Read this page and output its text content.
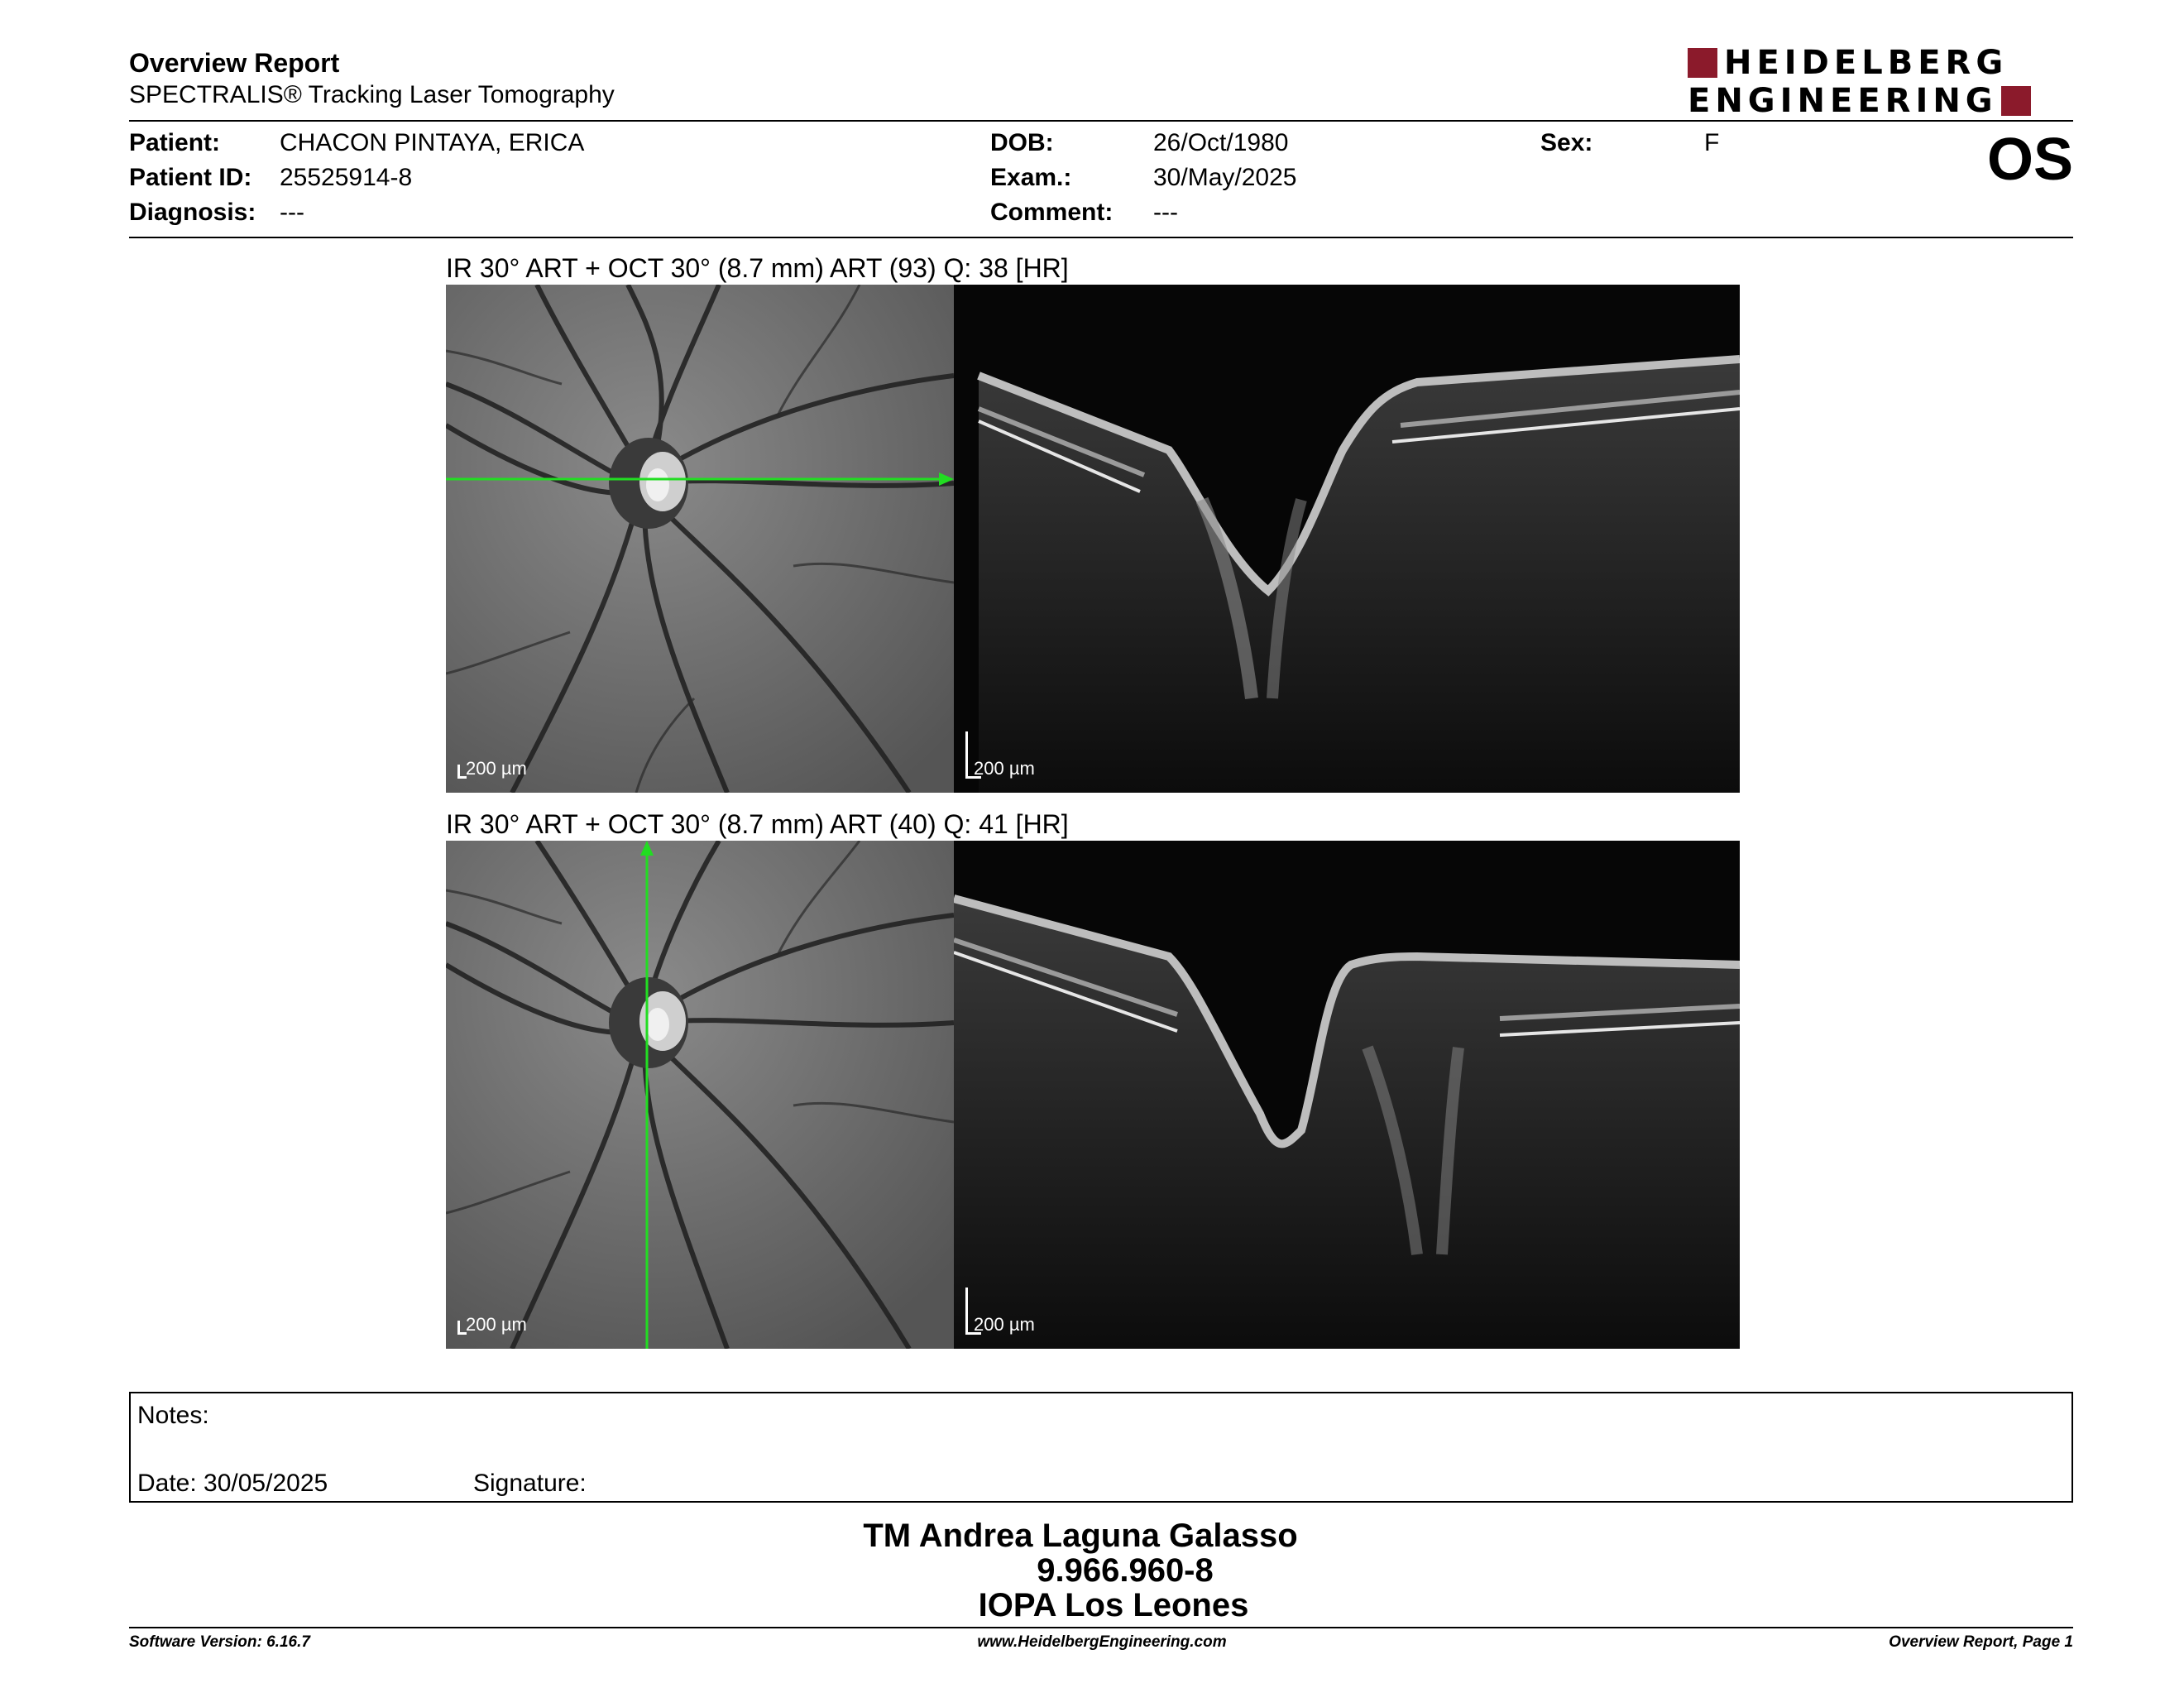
Overview Report
SPECTRALIS® Tracking Laser Tomography
HEIDELBERG
ENGINEERING
Patient: CHACON PINTAYA, ERICA
Patient ID: 25525914-8
Diagnosis: ---
DOB:	26/Oct/1980
Exam.:	30/May/2025
Comment: ---
Sex:	F	OS
IR 30° ART + OCT 30° (8.7 mm) ART (93) Q: 38 [HR]
200 µm	200 µm
IR 30° ART + OCT 30° (8.7 mm) ART (40) Q: 41 [HR]
200 µm	200 µm
Notes:
Date: 30/05/2025	Signature:
TM Andrea Laguna Galasso
9.966.960-8
IOPA Los Leones
Software Version: 6.16.7	www.HeidelbergEngineering.com	Overview Report, Page 1
